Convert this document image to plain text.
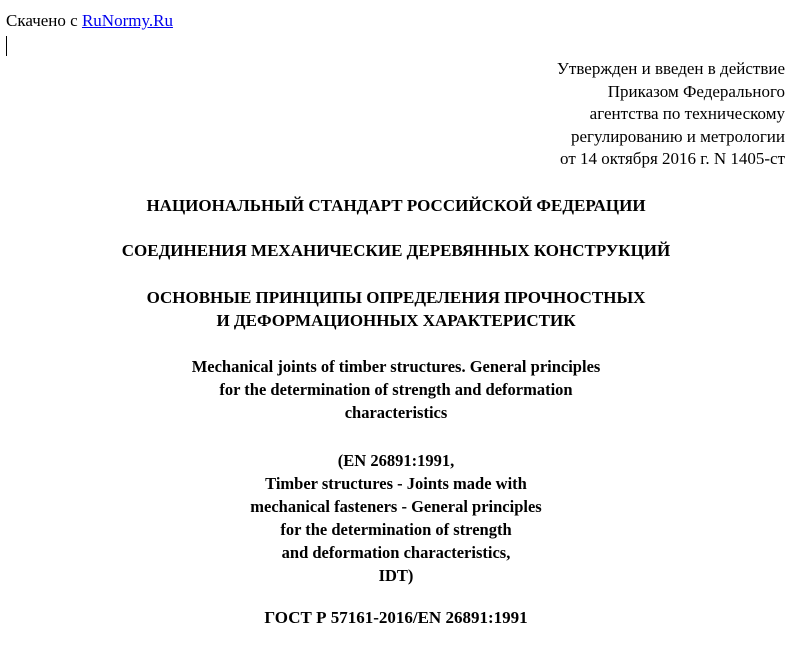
Скачено с RuNormy.Ru
Утвержден и введен в действие
Приказом Федерального
агентства по техническому
регулированию и метрологии
от 14 октября 2016 г. N 1405-ст
НАЦИОНАЛЬНЫЙ СТАНДАРТ РОССИЙСКОЙ ФЕДЕРАЦИИ
СОЕДИНЕНИЯ МЕХАНИЧЕСКИЕ ДЕРЕВЯННЫХ КОНСТРУКЦИЙ
ОСНОВНЫЕ ПРИНЦИПЫ ОПРЕДЕЛЕНИЯ ПРОЧНОСТНЫХ
И ДЕФОРМАЦИОННЫХ ХАРАКТЕРИСТИК
Mechanical joints of timber structures. General principles
for the determination of strength and deformation
characteristics
(EN 26891:1991,
Timber structures - Joints made with
mechanical fasteners - General principles
for the determination of strength
and deformation characteristics,
IDT)
ГОСТ Р 57161-2016/EN 26891:1991
